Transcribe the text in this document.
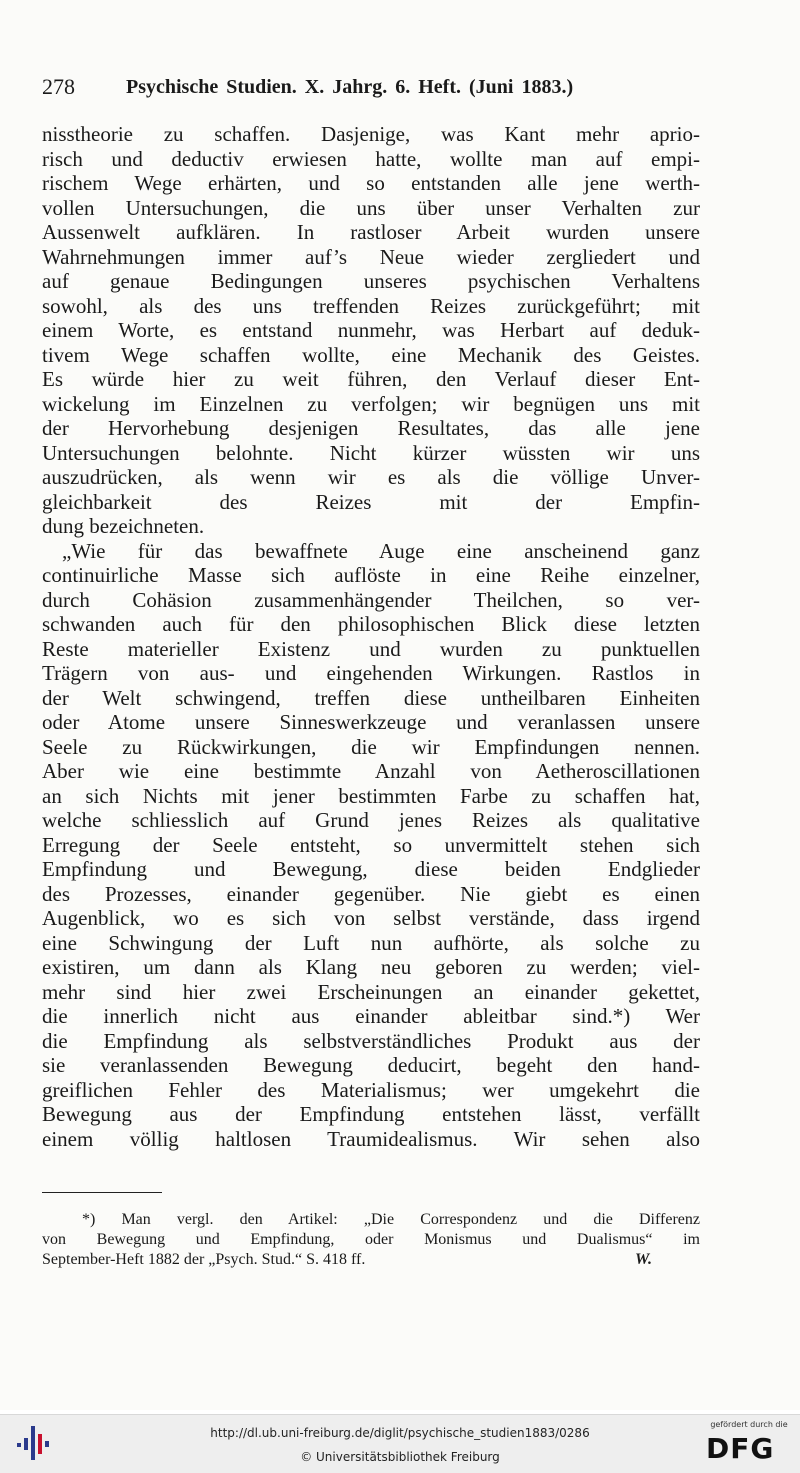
278	Psychische Studien. X. Jahrg. 6. Heft. (Juni 1883.)
nisstheorie zu schaffen. Dasjenige, was Kant mehr aprio-
risch und deductiv erwiesen hatte, wollte man auf empi-
rischem Wege erhärten, und so entstanden alle jene werth-
vollen Untersuchungen, die uns über unser Verhalten zur
Aussenwelt aufklären. In rastloser Arbeit wurden unsere
Wahrnehmungen immer auf’s Neue wieder zergliedert und
auf genaue Bedingungen unseres psychischen Verhaltens
sowohl, als des uns treffenden Reizes zurückgeführt; mit
einem Worte, es entstand nunmehr, was Herbart auf deduk-
tivem Wege schaffen wollte, eine Mechanik des Geistes.
Es würde hier zu weit führen, den Verlauf dieser Ent-
wickelung im Einzelnen zu verfolgen; wir begnügen uns mit
der Hervorhebung desjenigen Resultates, das alle jene
Untersuchungen belohnte. Nicht kürzer wüssten wir uns
auszudrücken, als wenn wir es als die völlige Unver-
gleichbarkeit des Reizes mit der Empfin-
dung bezeichneten.
„Wie für das bewaffnete Auge eine anscheinend ganz
continuirliche Masse sich auflöste in eine Reihe einzelner,
durch Cohäsion zusammenhängender Theilchen, so ver-
schwanden auch für den philosophischen Blick diese letzten
Reste materieller Existenz und wurden zu punktuellen
Trägern von aus- und eingehenden Wirkungen. Rastlos in
der Welt schwingend, treffen diese untheilbaren Einheiten
oder Atome unsere Sinneswerkzeuge und veranlassen unsere
Seele zu Rückwirkungen, die wir Empfindungen nennen.
Aber wie eine bestimmte Anzahl von Aetheroscillationen
an sich Nichts mit jener bestimmten Farbe zu schaffen hat,
welche schliesslich auf Grund jenes Reizes als qualitative
Erregung der Seele entsteht, so unvermittelt stehen sich
Empfindung und Bewegung, diese beiden Endglieder
des Prozesses, einander gegenüber. Nie giebt es einen
Augenblick, wo es sich von selbst verstände, dass irgend
eine Schwingung der Luft nun aufhörte, als solche zu
existiren, um dann als Klang neu geboren zu werden; viel-
mehr sind hier zwei Erscheinungen an einander gekettet,
die innerlich nicht aus einander ableitbar sind.*) Wer
die Empfindung als selbstverständliches Produkt aus der
sie veranlassenden Bewegung deducirt, begeht den hand-
greiflichen Fehler des Materialismus; wer umgekehrt die
Bewegung aus der Empfindung entstehen lässt, verfällt
einem völlig haltlosen Traumidealismus. Wir sehen also
*) Man vergl. den Artikel: „Die Correspondenz und die Differenz
von Bewegung und Empfindung, oder Monismus und Dualismus“ im
September-Heft 1882 der „Psych. Stud.“ S. 418 ff.	W.
http://dl.ub.uni-freiburg.de/diglit/psychische_studien1883/0286
© Universitätsbibliothek Freiburg
gefördert durch die
DFG
